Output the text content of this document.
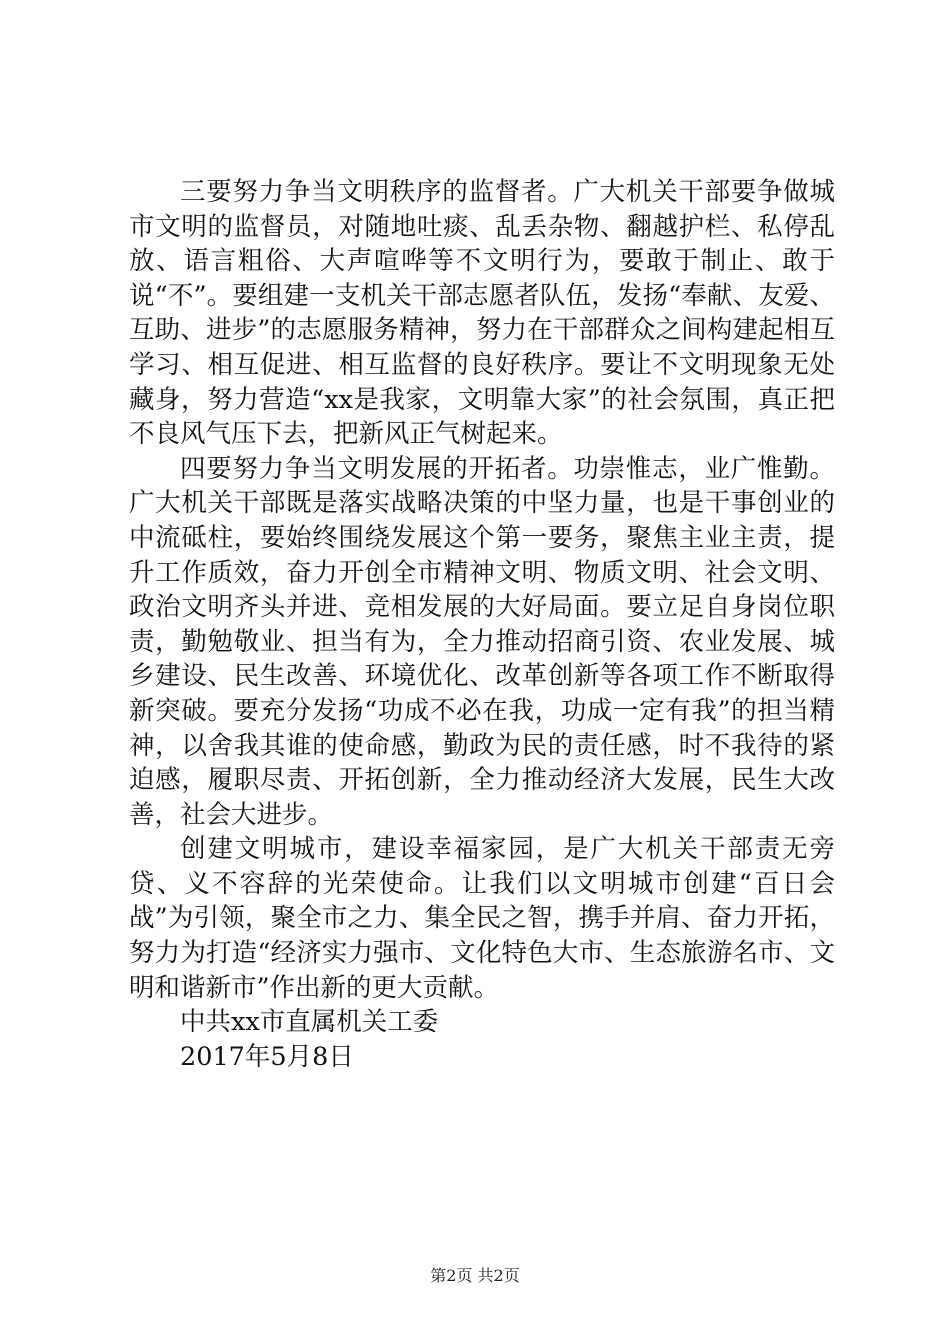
三要努力争当文明秩序的监督者。广大机关干部要争做城市文明的监督员，对随地吐痰、乱丢杂物、翻越护栏、私停乱放、语言粗俗、大声喧哗等不文明行为，要敢于制止、敢于说“不”。要组建一支机关干部志愿者队伍，发扬“奉献、友爱、互助、进步”的志愿服务精神，努力在干部群众之间构建起相互学习、相互促进、相互监督的良好秩序。要让不文明现象无处藏身，努力营造“xx是我家，文明靠大家”的社会氛围，真正把不良风气压下去，把新风正气树起来。

四要努力争当文明发展的开拓者。功崇惟志，业广惟勤。广大机关干部既是落实战略决策的中坚力量，也是干事创业的中流砥柱，要始终围绕发展这个第一要务，聚焦主业主责，提升工作质效，奋力开创全市精神文明、物质文明、社会文明、政治文明齐头并进、竞相发展的大好局面。要立足自身岗位职责，勤勉敬业、担当有为，全力推动招商引资、农业发展、城乡建设、民生改善、环境优化、改革创新等各项工作不断取得新突破。要充分发扬“功成不必在我，功成一定有我”的担当精神，以舍我其谁的使命感，勤政为民的责任感，时不我待的紧迫感，履职尽责、开拓创新，全力推动经济大发展，民生大改善，社会大进步。

创建文明城市，建设幸福家园，是广大机关干部责无旁贷、义不容辞的光荣使命。让我们以文明城市创建“百日会战”为引领，聚全市之力、集全民之智，携手并肩、奋力开拓，努力为打造“经济实力强市、文化特色大市、生态旅游名市、文明和谐新市”作出新的更大贡献。

中共xx市直属机关工委

2017年5月8日

第2页 共2页
